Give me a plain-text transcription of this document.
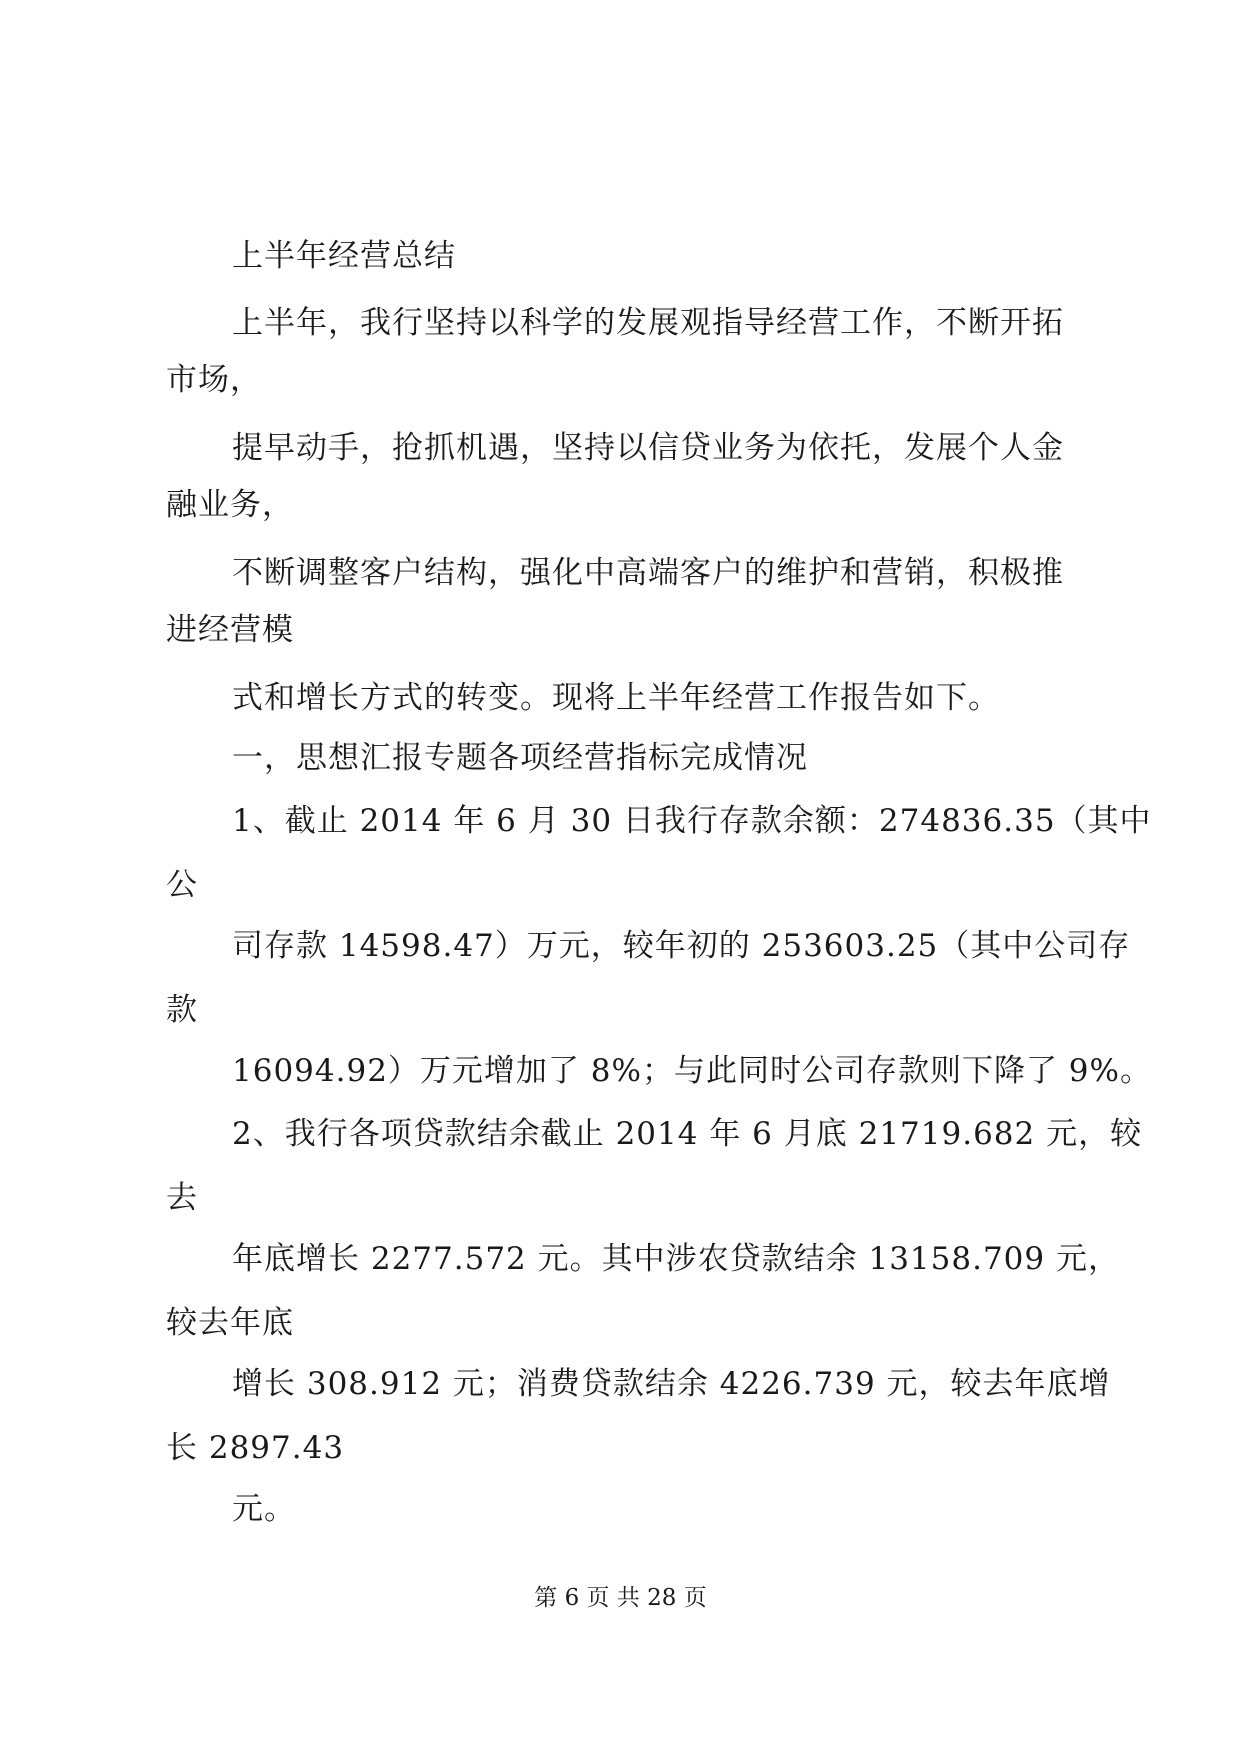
上半年经营总结
上半年，我行坚持以科学的发展观指导经营工作，不断开拓
市场，
提早动手，抢抓机遇，坚持以信贷业务为依托，发展个人金
融业务，
不断调整客户结构，强化中高端客户的维护和营销，积极推
进经营模
式和增长方式的转变。现将上半年经营工作报告如下。
一，思想汇报专题各项经营指标完成情况
1、截止 2014 年 6 月 30 日我行存款余额：274836.35（其中
公
司存款 14598.47）万元，较年初的 253603.25（其中公司存
款
16094.92）万元增加了 8%；与此同时公司存款则下降了 9%。
2、我行各项贷款结余截止 2014 年 6 月底 21719.682 元，较
去
年底增长 2277.572 元。其中涉农贷款结余 13158.709 元，
较去年底
增长 308.912 元；消费贷款结余 4226.739 元，较去年底增
长 2897.43
元。
第 6 页 共 28 页
